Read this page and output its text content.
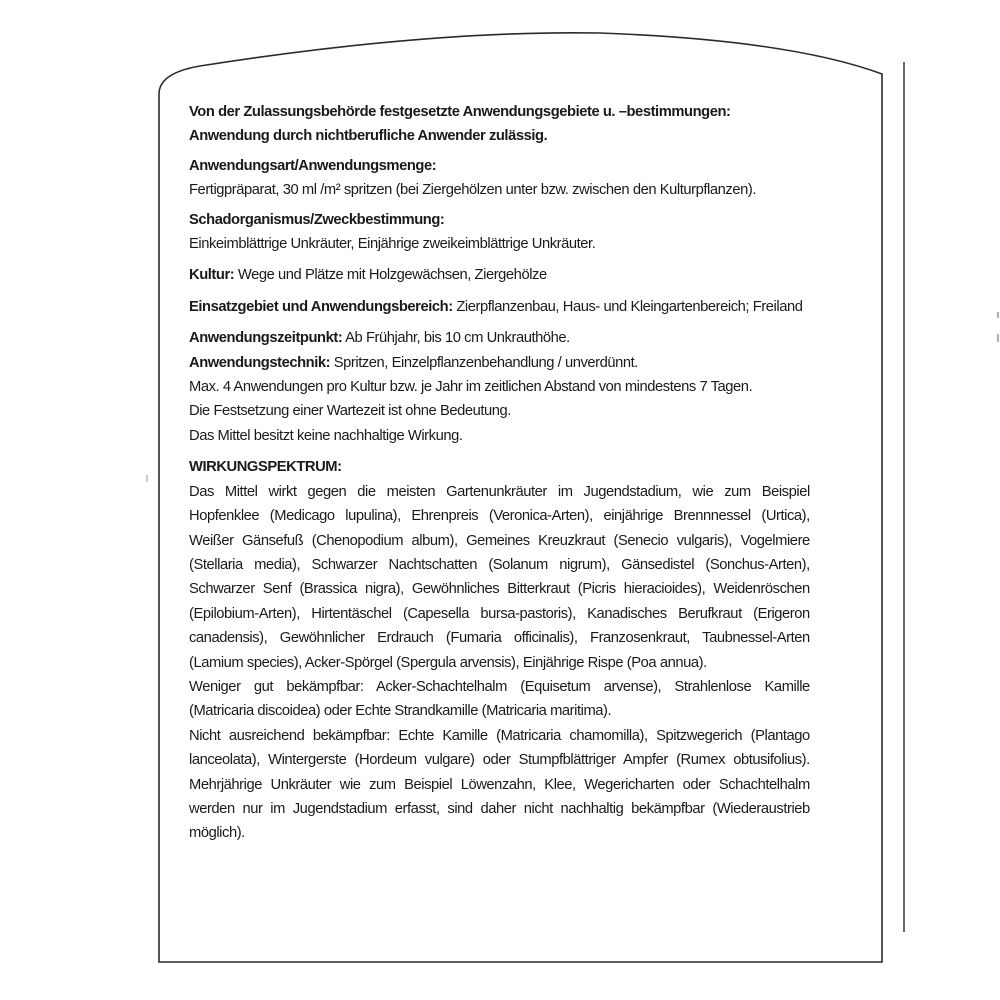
Von der Zulassungsbehörde festgesetzte Anwendungsgebiete u. –bestimmungen:
Anwendung durch nichtberufliche Anwender zulässig.
Anwendungsart/Anwendungsmenge:
Fertigpräparat, 30 ml /m² spritzen (bei Ziergehölzen unter bzw. zwischen den Kulturpflanzen).
Schadorganismus/Zweckbestimmung:
Einkeimblättrige Unkräuter, Einjährige zweikeimblättrige Unkräuter.
Kultur: Wege und Plätze mit Holzgewächsen, Ziergehölze
Einsatzgebiet und Anwendungsbereich: Zierpflanzenbau, Haus- und Kleingartenbereich; Freiland
Anwendungszeitpunkt: Ab Frühjahr, bis 10 cm Unkrauthöhe.
Anwendungstechnik: Spritzen, Einzelpflanzenbehandlung / unverdünnt.
Max. 4 Anwendungen pro Kultur bzw. je Jahr im zeitlichen Abstand von mindestens 7 Tagen.
Die Festsetzung einer Wartezeit ist ohne Bedeutung.
Das Mittel besitzt keine nachhaltige Wirkung.
WIRKUNGSPEKTRUM:
Das Mittel wirkt gegen die meisten Gartenunkräuter im Jugendstadium, wie zum Beispiel
Hopfenklee (Medicago lupulina), Ehrenpreis (Veronica-Arten), einjährige Brennnessel (Urtica),
Weißer Gänsefuß (Chenopodium album), Gemeines Kreuzkraut (Senecio vulgaris), Vogelmiere
(Stellaria media), Schwarzer Nachtschatten (Solanum nigrum), Gänsedistel (Sonchus-Arten),
Schwarzer Senf (Brassica nigra), Gewöhnliches Bitterkraut (Picris hieracioides), Weidenröschen
(Epilobium-Arten), Hirtentäschel (Capesella bursa-pastoris), Kanadisches Berufkraut (Erigeron
canadensis), Gewöhnlicher Erdrauch (Fumaria officinalis), Franzosenkraut, Taubnessel-Arten
(Lamium species), Acker-Spörgel (Spergula arvensis), Einjährige Rispe (Poa annua).
Weniger gut bekämpfbar: Acker-Schachtelhalm (Equisetum arvense), Strahlenlose Kamille
(Matricaria discoidea) oder Echte Strandkamille (Matricaria maritima).
Nicht ausreichend bekämpfbar: Echte Kamille (Matricaria chamomilla), Spitzwegerich (Plantago
lanceolata), Wintergerste (Hordeum vulgare) oder Stumpfblättriger Ampfer (Rumex obtusifolius).
Mehrjährige Unkräuter wie zum Beispiel Löwenzahn, Klee, Wegericharten oder Schachtelhalm
werden nur im Jugendstadium erfasst, sind daher nicht nachhaltig bekämpfbar (Wiederaustrieb
möglich).
